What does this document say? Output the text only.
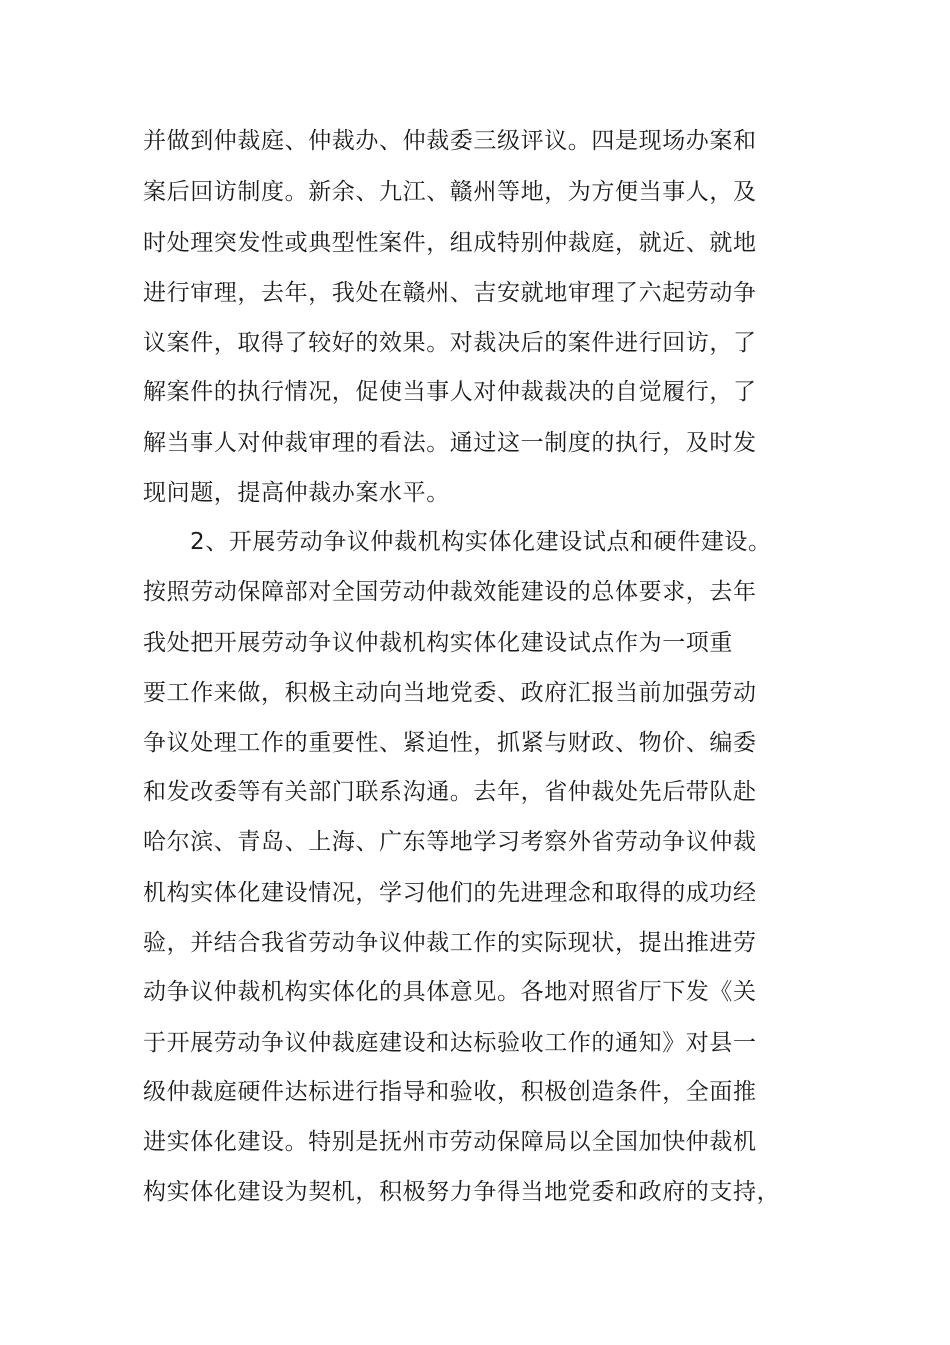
并做到仲裁庭、仲裁办、仲裁委三级评议。四是现场办案和

案后回访制度。新余、九江、赣州等地，为方便当事人，及

时处理突发性或典型性案件，组成特别仲裁庭，就近、就地

进行审理，去年，我处在赣州、吉安就地审理了六起劳动争

议案件，取得了较好的效果。对裁决后的案件进行回访，了

解案件的执行情况，促使当事人对仲裁裁决的自觉履行，了

解当事人对仲裁审理的看法。通过这一制度的执行，及时发

现问题，提高仲裁办案水平。

2、开展劳动争议仲裁机构实体化建设试点和硬件建设。

按照劳动保障部对全国劳动仲裁效能建设的总体要求，去年

我处把开展劳动争议仲裁机构实体化建设试点作为一项重

要工作来做，积极主动向当地党委、政府汇报当前加强劳动

争议处理工作的重要性、紧迫性，抓紧与财政、物价、编委

和发改委等有关部门联系沟通。去年，省仲裁处先后带队赴

哈尔滨、青岛、上海、广东等地学习考察外省劳动争议仲裁

机构实体化建设情况，学习他们的先进理念和取得的成功经

验，并结合我省劳动争议仲裁工作的实际现状，提出推进劳

动争议仲裁机构实体化的具体意见。各地对照省厅下发《关

于开展劳动争议仲裁庭建设和达标验收工作的通知》对县一

级仲裁庭硬件达标进行指导和验收，积极创造条件，全面推

进实体化建设。特别是抚州市劳动保障局以全国加快仲裁机

构实体化建设为契机，积极努力争得当地党委和政府的支持，
